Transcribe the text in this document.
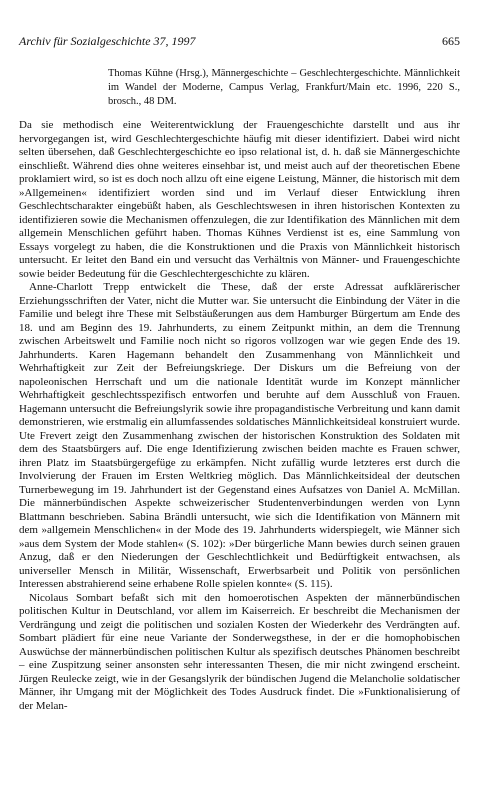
Archiv für Sozialgeschichte 37, 1997	665
Thomas Kühne (Hrsg.), Männergeschichte – Geschlechtergeschichte. Männlichkeit im Wandel der Moderne, Campus Verlag, Frankfurt/Main etc. 1996, 220 S., brosch., 48 DM.

Da sie methodisch eine Weiterentwicklung der Frauengeschichte darstellt und aus ihr hervorgegangen ist, wird Geschlechtergeschichte häufig mit dieser identifiziert. Dabei wird nicht selten übersehen, daß Geschlechtergeschichte eo ipso relational ist, d. h. daß sie Männergeschichte einschließt. Während dies ohne weiteres einsehbar ist, und meist auch auf der theoretischen Ebene proklamiert wird, so ist es doch noch allzu oft eine eigene Leistung, Männer, die historisch mit dem »Allgemeinen« identifiziert worden sind und im Verlauf dieser Entwicklung ihren Geschlechtscharakter eingebüßt haben, als Geschlechtswesen in ihren historischen Kontexten zu identifizieren sowie die Mechanismen offenzulegen, die zur Identifikation des Männlichen mit dem allgemein Menschlichen geführt haben. Thomas Kühnes Verdienst ist es, eine Sammlung von Essays vorgelegt zu haben, die die Konstruktionen und die Praxis von Männlichkeit historisch untersucht. Er leitet den Band ein und versucht das Verhältnis von Männer- und Frauengeschichte sowie beider Bedeutung für die Geschlechtergeschichte zu klären.

Anne-Charlott Trepp entwickelt die These, daß der erste Adressat aufklärerischer Erziehungsschriften der Vater, nicht die Mutter war. Sie untersucht die Einbindung der Väter in die Familie und belegt ihre These mit Selbstäußerungen aus dem Hamburger Bürgertum am Ende des 18. und am Beginn des 19. Jahrhunderts, zu einem Zeitpunkt mithin, an dem die Trennung zwischen Arbeitswelt und Familie noch nicht so rigoros vollzogen war wie gegen Ende des 19. Jahrhunderts. Karen Hagemann behandelt den Zusammenhang von Männlichkeit und Wehrhaftigkeit zur Zeit der Befreiungskriege. Der Diskurs um die Befreiung von der napoleonischen Herrschaft und um die nationale Identität wurde im Konzept männlicher Wehrhaftigkeit geschlechtsspezifisch entworfen und beruhte auf dem Ausschluß von Frauen. Hagemann untersucht die Befreiungslyrik sowie ihre propagandistische Verbreitung und kann damit demonstrieren, wie erstmalig ein allumfassendes soldatisches Männlichkeitsideal konstruiert wurde. Ute Frevert zeigt den Zusammenhang zwischen der historischen Konstruktion des Soldaten mit dem des Staatsbürgers auf. Die enge Identifizierung zwischen beiden machte es Frauen schwer, ihren Platz im Staatsbürgergefüge zu erkämpfen. Nicht zufällig wurde letzteres erst durch die Involvierung der Frauen im Ersten Weltkrieg möglich. Das Männlichkeitsideal der deutschen Turnerbewegung im 19. Jahrhundert ist der Gegenstand eines Aufsatzes von Daniel A. McMillan. Die männerbündischen Aspekte schweizerischer Studentenverbindungen werden von Lynn Blattmann beschrieben. Sabina Brändli untersucht, wie sich die Identifikation von Männern mit dem »allgemein Menschlichen« in der Mode des 19. Jahrhunderts widerspiegelt, wie Männer sich »aus dem System der Mode stahlen« (S. 102): »Der bürgerliche Mann bewies durch seinen grauen Anzug, daß er den Niederungen der Geschlechtlichkeit und Bedürftigkeit entwachsen, als universeller Mensch in Militär, Wissenschaft, Erwerbsarbeit und Politik von persönlichen Interessen abstrahierend seine erhabene Rolle spielen konnte« (S. 115).

Nicolaus Sombart befaßt sich mit den homoerotischen Aspekten der männerbündischen politischen Kultur in Deutschland, vor allem im Kaiserreich. Er beschreibt die Mechanismen der Verdrängung und zeigt die politischen und sozialen Kosten der Wiederkehr des Verdrängten auf. Sombart plädiert für eine neue Variante der Sonderwegsthese, in der er die homophobischen Auswüchse der männerbündischen politischen Kultur als spezifisch deutsches Phänomen beschreibt – eine Zuspitzung seiner ansonsten sehr interessanten Thesen, die mir nicht zwingend erscheint. Jürgen Reulecke zeigt, wie in der Gesangslyrik der bündischen Jugend die Melancholie soldatischer Männer, ihr Umgang mit der Möglichkeit des Todes Ausdruck findet. Die »Funktionalisierung of der Melan-
